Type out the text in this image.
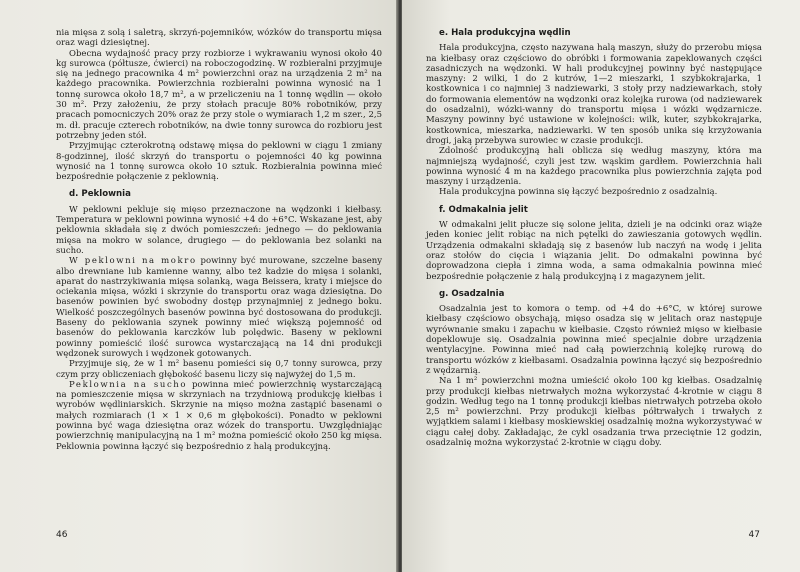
nia mięsa z solą i saletrą, skrzyń-pojemników, wózków do transportu mięsa oraz wagi dziesiętnej.

Obecna wydajność pracy przy rozbiorze i wykrawaniu wynosi około 40 kg surowca (półtusze, ćwierci) na roboczogodzinę. W rozbieralni przyjmuje się na jednego pracownika 4 m² powierzchni oraz na urządzenia 2 m² na każdego pracownika. Powierzchnia rozbieralni powinna wynosić na 1 tonnę surowca około 18,7 m², a w przeliczeniu na 1 tonnę wędlin — około 30 m². Przy założeniu, że przy stołach pracuje 80% robotników, przy pracach pomocniczych 20% oraz że przy stole o wymiarach 1,2 m szer., 2,5 m. dł. pracuje czterech robotników, na dwie tonny surowca do rozbioru jest potrzebny jeden stół.

Przyjmując czterokrotną odstawę mięsa do peklowni w ciągu 1 zmiany 8-godzinnej, ilość skrzyń do transportu o pojemności 40 kg powinna wynosić na 1 tonnę surowca około 10 sztuk. Rozbieralnia powinna mieć bezpośrednie połączenie z peklownią.

d. Peklownia

W peklowni pekluje się mięso przeznaczone na wędzonki i kiełbasy. Temperatura w peklowni powinna wynosić +4 do +6°C. Wskazane jest, aby peklownia składała się z dwóch pomieszczeń: jednego — do peklowania mięsa na mokro w solance, drugiego — do peklowania bez solanki na sucho.

W peklowni na mokro powinny być murowane, szczelne baseny albo drewniane lub kamienne wanny, albo też kadzie do mięsa i solanki, aparat do nastrzykiwania mięsa solanką, waga Beissera, kraty i miejsce do ociekania mięsa, wózki i skrzynie do transportu oraz waga dziesiętna. Do basenów powinien być swobodny dostęp przynajmniej z jednego boku. Wielkość poszczególnych basenów powinna być dostosowana do produkcji. Baseny do peklowania szynek powinny mieć większą pojemność od basenów do peklowania karczków lub polędwic. Baseny w peklowni powinny pomieścić ilość surowca wystarczającą na 14 dni produkcji wędzonek surowych i wędzonek gotowanych.

Przyjmuje się, że w 1 m² basenu pomieści się 0,7 tonny surowca, przy czym przy obliczeniach głębokość basenu liczy się najwyżej do 1,5 m.

Peklownia na sucho powinna mieć powierzchnię wystarczającą na pomieszczenie mięsa w skrzyniach na trzydniową produkcję kiełbas i wyrobów wędliniarskich. Skrzynie na mięso można zastąpić basenami o małych rozmiarach (1 × 1 × 0,6 m głębokości). Ponadto w peklowni powinna być waga dziesiętna oraz wózek do transportu. Uwzględniając powierzchnię manipulacyjną na 1 m² można pomieścić około 250 kg mięsa. Peklownia powinna łączyć się bezpośrednio z halą produkcyjną.

46
e. Hala produkcyjna wędlin

Hala produkcyjna, często nazywana halą maszyn, służy do przerobu mięsa na kiełbasy oraz częściowo do obróbki i formowania zapeklowanych części zasadniczych na wędzonki. W hali produkcyjnej powinny być następujące maszyny: 2 wilki, 1 do 2 kutrów, 1—2 mieszarki, 1 szybkokrajarka, 1 kostkownica i co najmniej 3 nadziewarki, 3 stoły przy nadziewarkach, stoły do formowania elementów na wędzonki oraz kolejka rurowa (od nadziewarek do osadzalni), wózki-wanny do transportu mięsa i wózki wędzarnicze. Maszyny powinny być ustawione w kolejności: wilk, kuter, szybkokrajarka, kostkownica, mieszarka, nadziewarki. W ten sposób unika się krzyżowania drogi, jaką przebywa surowiec w czasie produkcji.

Zdolność produkcyjną hali oblicza się według maszyny, która ma najmniejszą wydajność, czyli jest tzw. wąskim gardłem. Powierzchnia hali powinna wynosić 4 m na każdego pracownika plus powierzchnia zajęta pod maszyny i urządzenia.

Hala produkcyjna powinna się łączyć bezpośrednio z osadzalnią.

f. Odmakalnia jelit

W odmakalni jelit płucze się solone jelita, dzieli je na odcinki oraz wiąże jeden koniec jelit robiąc na nich pętelki do zawieszania gotowych wędlin. Urządzenia odmakalni składają się z basenów lub naczyń na wodę i jelita oraz stołów do cięcia i wiązania jelit. Do odmakalni powinna być doprowadzona ciepła i zimna woda, a sama odmakalnia powinna mieć bezpośrednie połączenie z halą produkcyjną i z magazynem jelit.

g. Osadzalnia

Osadzalnia jest to komora o temp. od +4 do +6°C, w której surowe kiełbasy częściowo obsychają, mięso osadza się w jelitach oraz następuje wyrównanie smaku i zapachu w kiełbasie. Często również mięso w kiełbasie dopeklowuje się. Osadzalnia powinna mieć specjalnie dobre urządzenia wentylacyjne. Powinna mieć nad całą powierzchnią kolejkę rurową do transportu wózków z kiełbasami. Osadzalnia powinna łączyć się bezpośrednio z wędzarnią.

Na 1 m² powierzchni można umieścić około 100 kg kiełbas. Osadzalnię przy produkcji kiełbas nietrwałych można wykorzystać 4-krotnie w ciągu 8 godzin. Według tego na 1 tonnę produkcji kiełbas nietrwałych potrzeba około 2,5 m² powierzchni. Przy produkcji kiełbas półtrwałych i trwałych z wyjątkiem salami i kiełbasy moskiewskiej osadzalnię można wykorzystywać w ciągu całej doby. Zakładając, że cykl osadzania trwa przeciętnie 12 godzin, osadzalnię można wykorzystać 2-krotnie w ciągu doby.

47
